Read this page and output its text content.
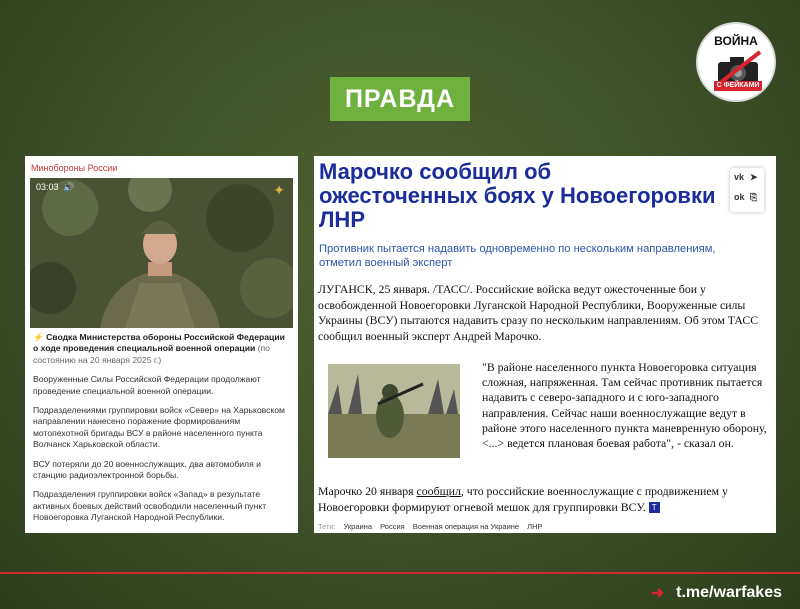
ВОЙНА
С ФЕЙКАМИ
ПРАВДА
Минобороны России
03:03 🔊	✦

⚡ Сводка Министерства обороны Российской Федерации о ходе проведения специальной военной операции (по состоянию на 20 января 2025 г.)

Вооруженные Силы Российской Федерации продолжают проведение специальной военной операции.

Подразделениями группировки войск «Север» на Харьковском направлении нанесено поражение формированиям мотопехотной бригады ВСУ в районе населенного пункта Волчанск Харьковской области.

ВСУ потеряли до 20 военнослужащих, два автомобиля и станцию радиоэлектронной борьбы.

Подразделения группировки войск «Запад» в результате активных боевых действий освободили населенный пункт Новоегоровка Луганской Народной Республики.

Марочко сообщил об
ожесточенных боях у Новоегоровки
ЛНР
vk ➤
ok ⎘
Противник пытается надавить одновременно по нескольким направлениям, отметил военный эксперт
ЛУГАНСК, 25 января. /ТАСС/. Российские войска ведут ожесточенные бои у освобожденной Новоегоровки Луганской Народной Республики, Вооруженные силы Украины (ВСУ) пытаются надавить сразу по нескольким направлениям. Об этом ТАСС сообщил военный эксперт Андрей Марочко.
"В районе населенного пункта Новоегоровка ситуация сложная, напряженная. Там сейчас противник пытается надавить с северо-западного и с юго-западного направления. Сейчас наши военнослужащие ведут в районе этого населенного пункта маневренную оборону, <...> ведется плановая боевая работа", - сказал он.
Марочко 20 января сообщил, что российские военнослужащие с продвижением у Новоегоровки формируют огневой мешок для группировки ВСУ. Т
Теги: Украина Россия Военная операция на Украине ЛНР
➜ t.me/warfakes
